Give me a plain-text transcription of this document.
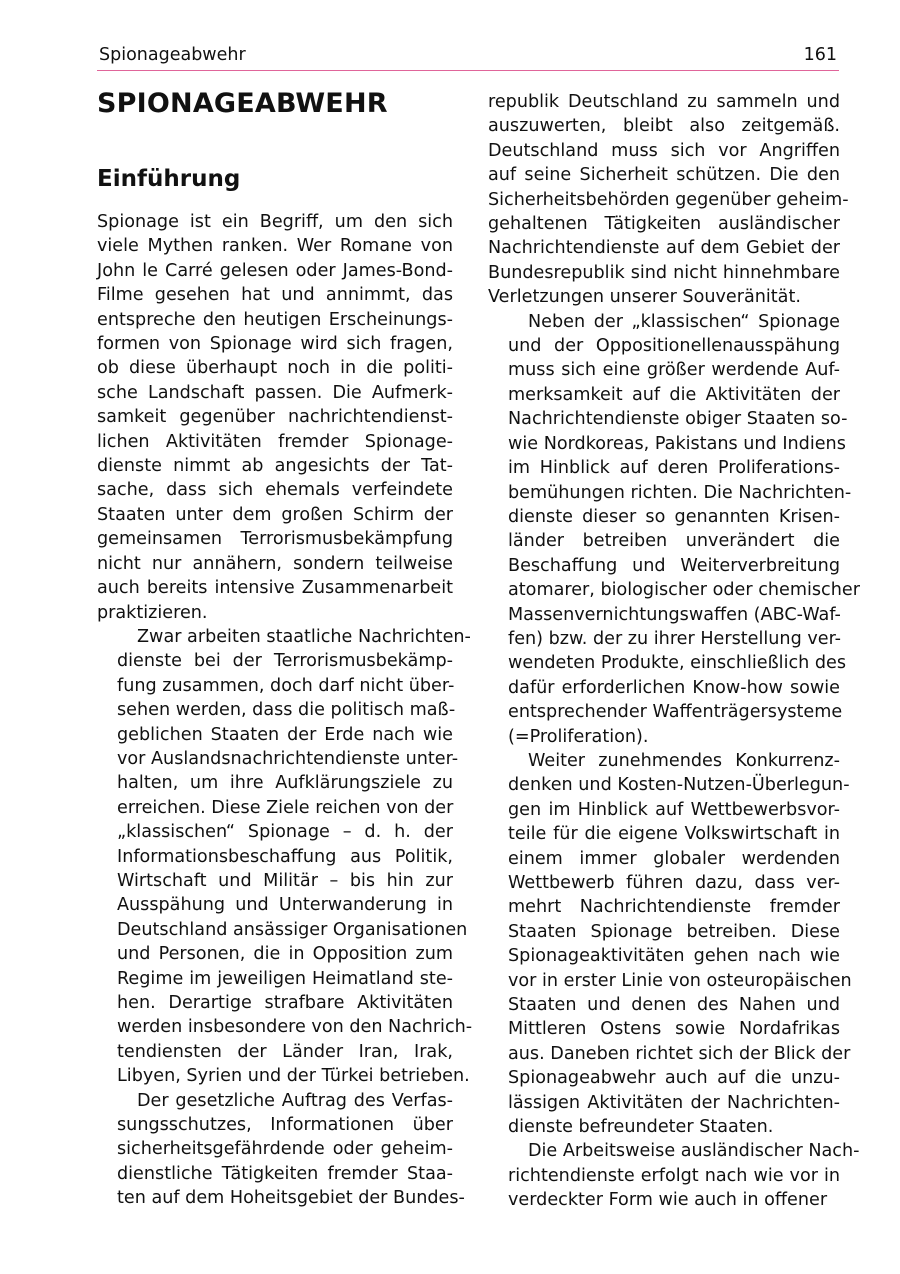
Spionageabwehr	161
SPIONAGEABWEHR
Einführung
Spionage ist ein Begriff, um den sich
viele Mythen ranken. Wer Romane von
John le Carré gelesen oder James-Bond-
Filme gesehen hat und annimmt, das
entspreche den heutigen Erscheinungs-
formen von Spionage wird sich fragen,
ob diese überhaupt noch in die politi-
sche Landschaft passen. Die Aufmerk-
samkeit gegenüber nachrichtendienst-
lichen Aktivitäten fremder Spionage-
dienste nimmt ab angesichts der Tat-
sache, dass sich ehemals verfeindete
Staaten unter dem großen Schirm der
gemeinsamen Terrorismusbekämpfung
nicht nur annähern, sondern teilweise
auch bereits intensive Zusammenarbeit
praktizieren.
Zwar arbeiten staatliche Nachrichten-
dienste bei der Terrorismusbekämp-
fung zusammen, doch darf nicht über-
sehen werden, dass die politisch maß-
geblichen Staaten der Erde nach wie
vor Auslandsnachrichtendienste unter-
halten, um ihre Aufklärungsziele zu
erreichen. Diese Ziele reichen von der
„klassischen“ Spionage – d. h. der
Informationsbeschaffung aus Politik,
Wirtschaft und Militär – bis hin zur
Ausspähung und Unterwanderung in
Deutschland ansässiger Organisationen
und Personen, die in Opposition zum
Regime im jeweiligen Heimatland ste-
hen. Derartige strafbare Aktivitäten
werden insbesondere von den Nachrich-
tendiensten der Länder Iran, Irak,
Libyen, Syrien und der Türkei betrieben.
Der gesetzliche Auftrag des Verfas-
sungsschutzes, Informationen über
sicherheitsgefährdende oder geheim-
dienstliche Tätigkeiten fremder Staa-
ten auf dem Hoheitsgebiet der Bundes-
republik Deutschland zu sammeln und
auszuwerten, bleibt also zeitgemäß.
Deutschland muss sich vor Angriffen
auf seine Sicherheit schützen. Die den
Sicherheitsbehörden gegenüber geheim-
gehaltenen Tätigkeiten ausländischer
Nachrichtendienste auf dem Gebiet der
Bundesrepublik sind nicht hinnehmbare
Verletzungen unserer Souveränität.
Neben der „klassischen“ Spionage
und der Oppositionellenausspähung
muss sich eine größer werdende Auf-
merksamkeit auf die Aktivitäten der
Nachrichtendienste obiger Staaten so-
wie Nordkoreas, Pakistans und Indiens
im Hinblick auf deren Proliferations-
bemühungen richten. Die Nachrichten-
dienste dieser so genannten Krisen-
länder betreiben unverändert die
Beschaffung und Weiterverbreitung
atomarer, biologischer oder chemischer
Massenvernichtungswaffen (ABC-Waf-
fen) bzw. der zu ihrer Herstellung ver-
wendeten Produkte, einschließlich des
dafür erforderlichen Know-how sowie
entsprechender Waffenträgersysteme
(=Proliferation).
Weiter zunehmendes Konkurrenz-
denken und Kosten-Nutzen-Überlegun-
gen im Hinblick auf Wettbewerbsvor-
teile für die eigene Volkswirtschaft in
einem immer globaler werdenden
Wettbewerb führen dazu, dass ver-
mehrt Nachrichtendienste fremder
Staaten Spionage betreiben. Diese
Spionageaktivitäten gehen nach wie
vor in erster Linie von osteuropäischen
Staaten und denen des Nahen und
Mittleren Ostens sowie Nordafrikas
aus. Daneben richtet sich der Blick der
Spionageabwehr auch auf die unzu-
lässigen Aktivitäten der Nachrichten-
dienste befreundeter Staaten.
Die Arbeitsweise ausländischer Nach-
richtendienste erfolgt nach wie vor in
verdeckter Form wie auch in offener
